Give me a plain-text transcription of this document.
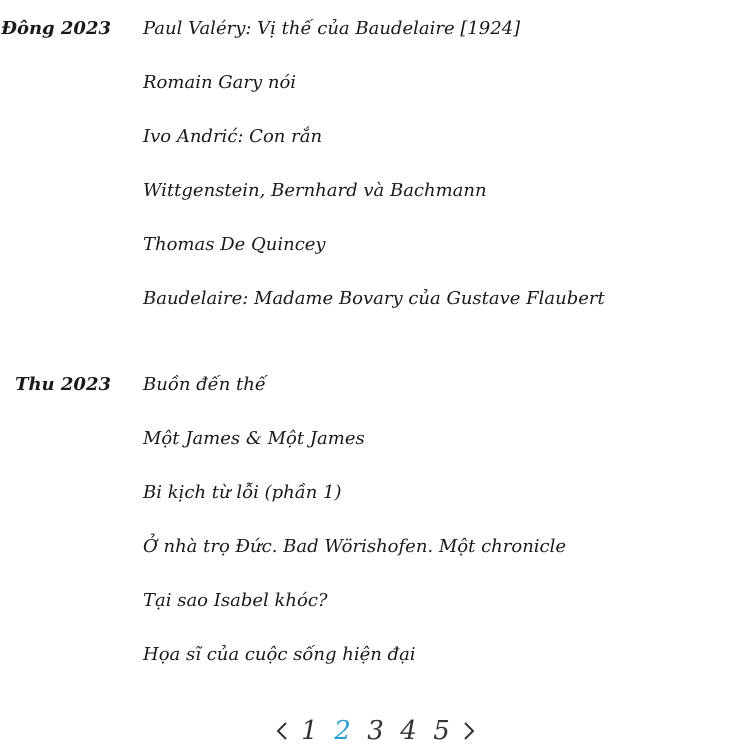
Đông 2023 Paul Valéry: Vị thế của Baudelaire [1924]
Romain Gary nói
Ivo Andrić: Con rắn
Wittgenstein, Bernhard và Bachmann
Thomas De Quincey
Baudelaire: Madame Bovary của Gustave Flaubert
Thu 2023 Buồn đến thế
Một James & Một James
Bi kịch từ lỗi (phần 1)
Ở nhà trọ Đức. Bad Wörishofen. Một chronicle
Tại sao Isabel khóc?
Họa sĩ của cuộc sống hiện đại
1 2 3 4 5
